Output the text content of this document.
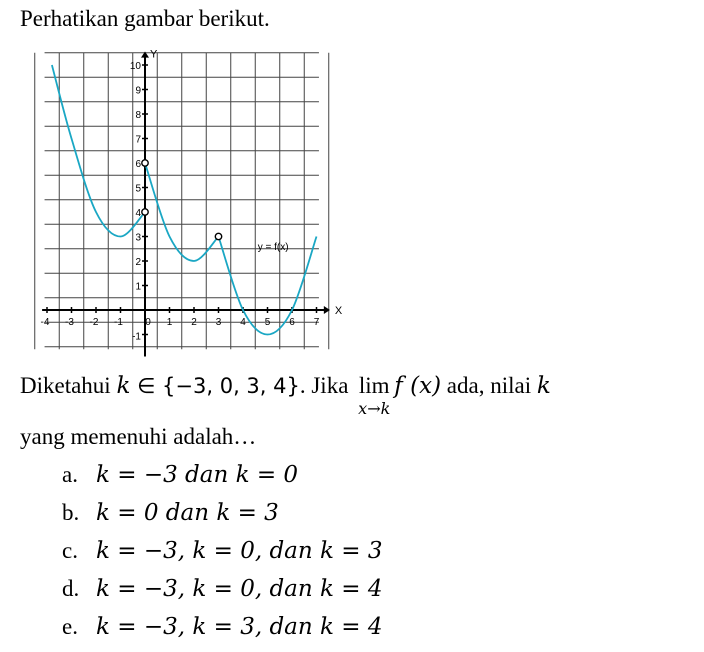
Perhatikan gambar berikut.
-4 -3 -2 -1 0 1 2 3 4 5 6 7
-1
1
2
3
4
5
6
7
8
9
10
X
Y
y = f(x)
Diketahui k ∈ {−3, 0, 3, 4}. Jika lim
x→k
f (x) ada, nilai k
yang memenuhi adalah…
a. k = −3 dan k = 0
b. k = 0 dan k = 3
c. k = −3, k = 0, dan k = 3
d. k = −3, k = 0, dan k = 4
e. k = −3, k = 3, dan k = 4
